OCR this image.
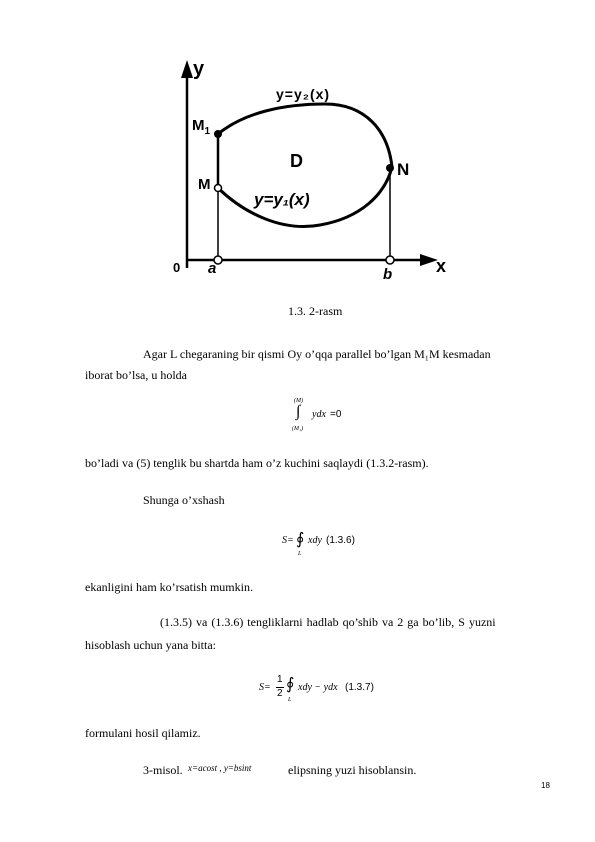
y
x
0 a	b
M
$M_1$
N
D
y=y₂(x)
y=y₁(x)
1.3. 2-rasm
Agar L chegaraning bir qismi Oy o’qqa parallel bo’lgan M₁M kesmadan
iborat bo’lsa, u holda
(M)
∫
(M₁)
ydx =0
bo’ladi va (5) tenglik bu shartda ham o’z kuchini saqlaydi (1.3.2-rasm).
Shunga o’xshash
S= ∮
L
xdy (1.3.6)
ekanligini ham ko’rsatish mumkin.
(1.3.5) va (1.3.6) tengliklarni hadlab qo’shib va 2 ga bo’lib, S yuzni
hisoblash uchun yana bitta:
S=
1
2
∮
L
xdy − ydx (1.3.7)
formulani hosil qilamiz.
3-misol. x=acost , y=bsint	elipsning yuzi hisoblansin.
18
